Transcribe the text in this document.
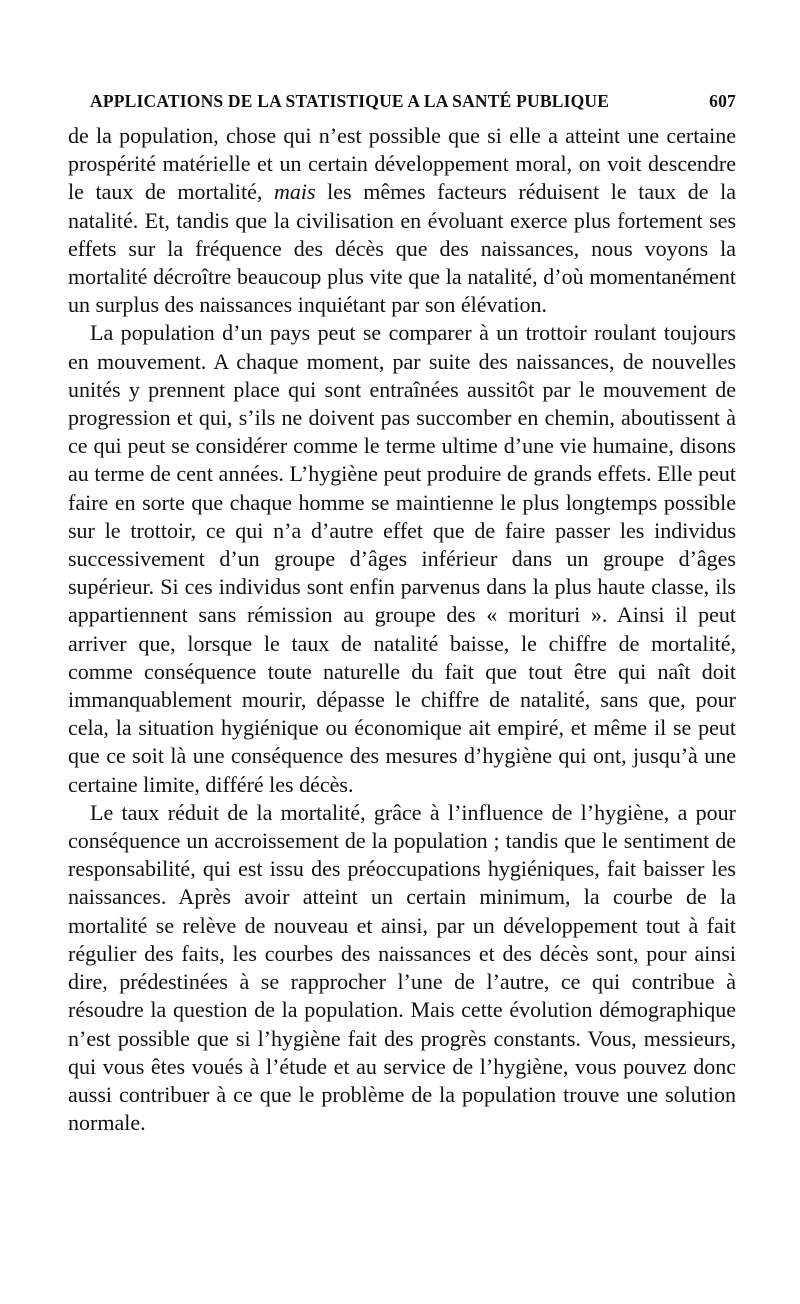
APPLICATIONS DE LA STATISTIQUE A LA SANTÉ PUBLIQUE	607

de la population, chose qui n’est possible que si elle a atteint une certaine prospérité matérielle et un certain développement moral, on voit descendre le taux de mortalité, mais les mêmes facteurs réduisent le taux de la natalité. Et, tandis que la civilisation en évoluant exerce plus fortement ses effets sur la fréquence des décès que des naissances, nous voyons la mortalité décroître beaucoup plus vite que la natalité, d’où momentanément un surplus des naissances inquiétant par son élévation.

La population d’un pays peut se comparer à un trottoir roulant toujours en mouvement. A chaque moment, par suite des naissances, de nouvelles unités y prennent place qui sont entraînées aussitôt par le mouvement de progression et qui, s’ils ne doivent pas succomber en chemin, aboutissent à ce qui peut se considérer comme le terme ultime d’une vie humaine, disons au terme de cent années. L’hygiène peut produire de grands effets. Elle peut faire en sorte que chaque homme se maintienne le plus longtemps possible sur le trottoir, ce qui n’a d’autre effet que de faire passer les individus successivement d’un groupe d’âges inférieur dans un groupe d’âges supérieur. Si ces individus sont enfin parvenus dans la plus haute classe, ils appartiennent sans rémission au groupe des « morituri ». Ainsi il peut arriver que, lorsque le taux de natalité baisse, le chiffre de mortalité, comme conséquence toute naturelle du fait que tout être qui naît doit immanquablement mourir, dépasse le chiffre de natalité, sans que, pour cela, la situation hygiénique ou économique ait empiré, et même il se peut que ce soit là une conséquence des mesures d’hygiène qui ont, jusqu’à une certaine limite, différé les décès.

Le taux réduit de la mortalité, grâce à l’influence de l’hygiène, a pour conséquence un accroissement de la population ; tandis que le sentiment de responsabilité, qui est issu des préoccupations hygiéniques, fait baisser les naissances. Après avoir atteint un certain minimum, la courbe de la mortalité se relève de nouveau et ainsi, par un développement tout à fait régulier des faits, les courbes des naissances et des décès sont, pour ainsi dire, prédestinées à se rapprocher l’une de l’autre, ce qui contribue à résoudre la question de la population. Mais cette évolution démographique n’est possible que si l’hygiène fait des progrès constants. Vous, messieurs, qui vous êtes voués à l’étude et au service de l’hygiène, vous pouvez donc aussi contribuer à ce que le problème de la population trouve une solution normale.
